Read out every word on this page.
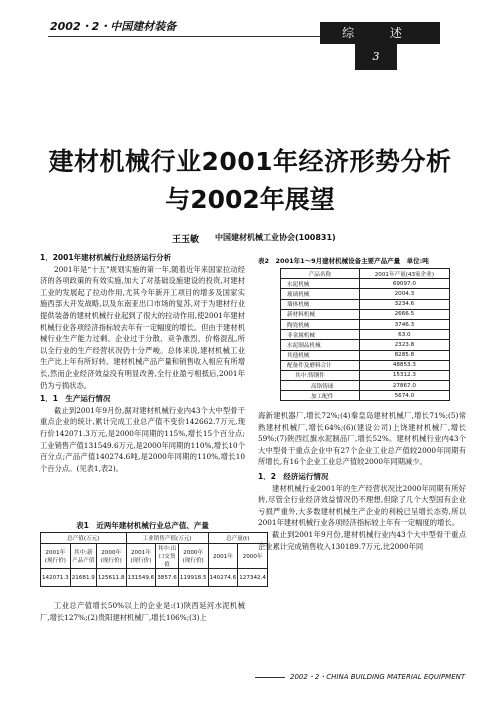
2002・2・中国建材装备	综 述
3
建材机械行业2001年经济形势分析
与2002年展望
王玉敏 中国建材机械工业协会(100831)
1．2001年建材机械行业经济运行分析
2001年是“十五”规划实施的第一年,随着近年来国家拉动经济的各项政策的有效实施,加大了对基础设施建设的投资,对建材工业的发展起了拉动作用,尤其今年新开工项目的增多及国家实施西部大开发战略,以及东南亚出口市场的复苏,对于为建材行业提供装备的建材机械行业起到了很大的拉动作用,使2001年建材机械行业各项经济指标较去年有一定幅度的增长。但由于建材机械行业生产能力过剩、企业过于分散、竞争激烈、价格混乱,所以全行业的生产经营状况仍十分严峻。总体来说,建材机械工业生产比上年有所好转。建材机械产品产量和销售收入相应有所增长,然而企业经济效益没有明显改善,全行业盈亏相抵后,2001年仍为亏损状态。
1．1　生产运行情况
截止到2001年9月份,据对建材机械行业内43个大中型骨干重点企业的统计,累计完成工业总产值不变价142662.7万元,现行价142071.3万元,是2000年同期的115%,增长15个百分点;工业销售产值131549.6万元,是2000年同期的110%,增长10个百分点;产品产值140274.6吨,是2000年同期的110%,增长10个百分点。(见表1,表2)。
表1　近两年建材机械行业总产值、产量
总产值(万元)			工业销售产值(万元)			总产量(t)	
2001年(现行价)	其中:新产品产值	2000年(现行价)	2001年(现行价)	其中:出口交货值	2000年(现行价)	2001年	2000年
142071.3	21681.9	125611.8	131549.6	3857.6	119918.5	140274.6	127342.4
工业总产值增长50%以上的企业是:(1)陕西延河水泥机械厂,增长127%;(2)贵阳建材机械厂,增长106%;(3)上
表2　2001年1～9月建材机械设备主要产品产量　单位:吨
产品名称	2001年产量(43家企业)
水泥机械	69097.0
玻璃机械	2004.3
墙体机械	3234.6
新材料机械	2666.5
陶瓷机械	3746.3
非金属机械	63.0
水泥制品机械	2323.8
其他机械	8285.8
配备件及磨料合计	48853.3
其中:铸钢件	15312.3
高铬铸球	27867.0
加工配件	5674.0
海新建机器厂,增长72%;(4)秦皇岛建材机械厂,增长71%;(5)常熟建材机械厂,增长64%;(6)(建设公司)上饶建材机械厂,增长59%;(7)陕西红旗水泥制品厂,增长52%。建材机械行业内43个大中型骨干重点企业中有27个企业工业总产值较2000年同期有所增长,有16个企业工业总产值较2000年同期减少。
1．2　经济运行情况
建材机械行业2001年的生产经营状况比2000年同期有所好转,尽管全行业经济效益情况仍不理想,但除了几个大型国有企业亏损严重外,大多数建材机械生产企业的利税已呈增长态势,所以2001年建材机械行业各项经济指标较上年有一定幅度的增长。
截止到2001年9月份,建材机械行业内43个大中型骨干重点企业累计完成销售收入130189.7万元,比2000年同
2002・2・CHINA BUILDING MATERIAL EQUIPMENT
